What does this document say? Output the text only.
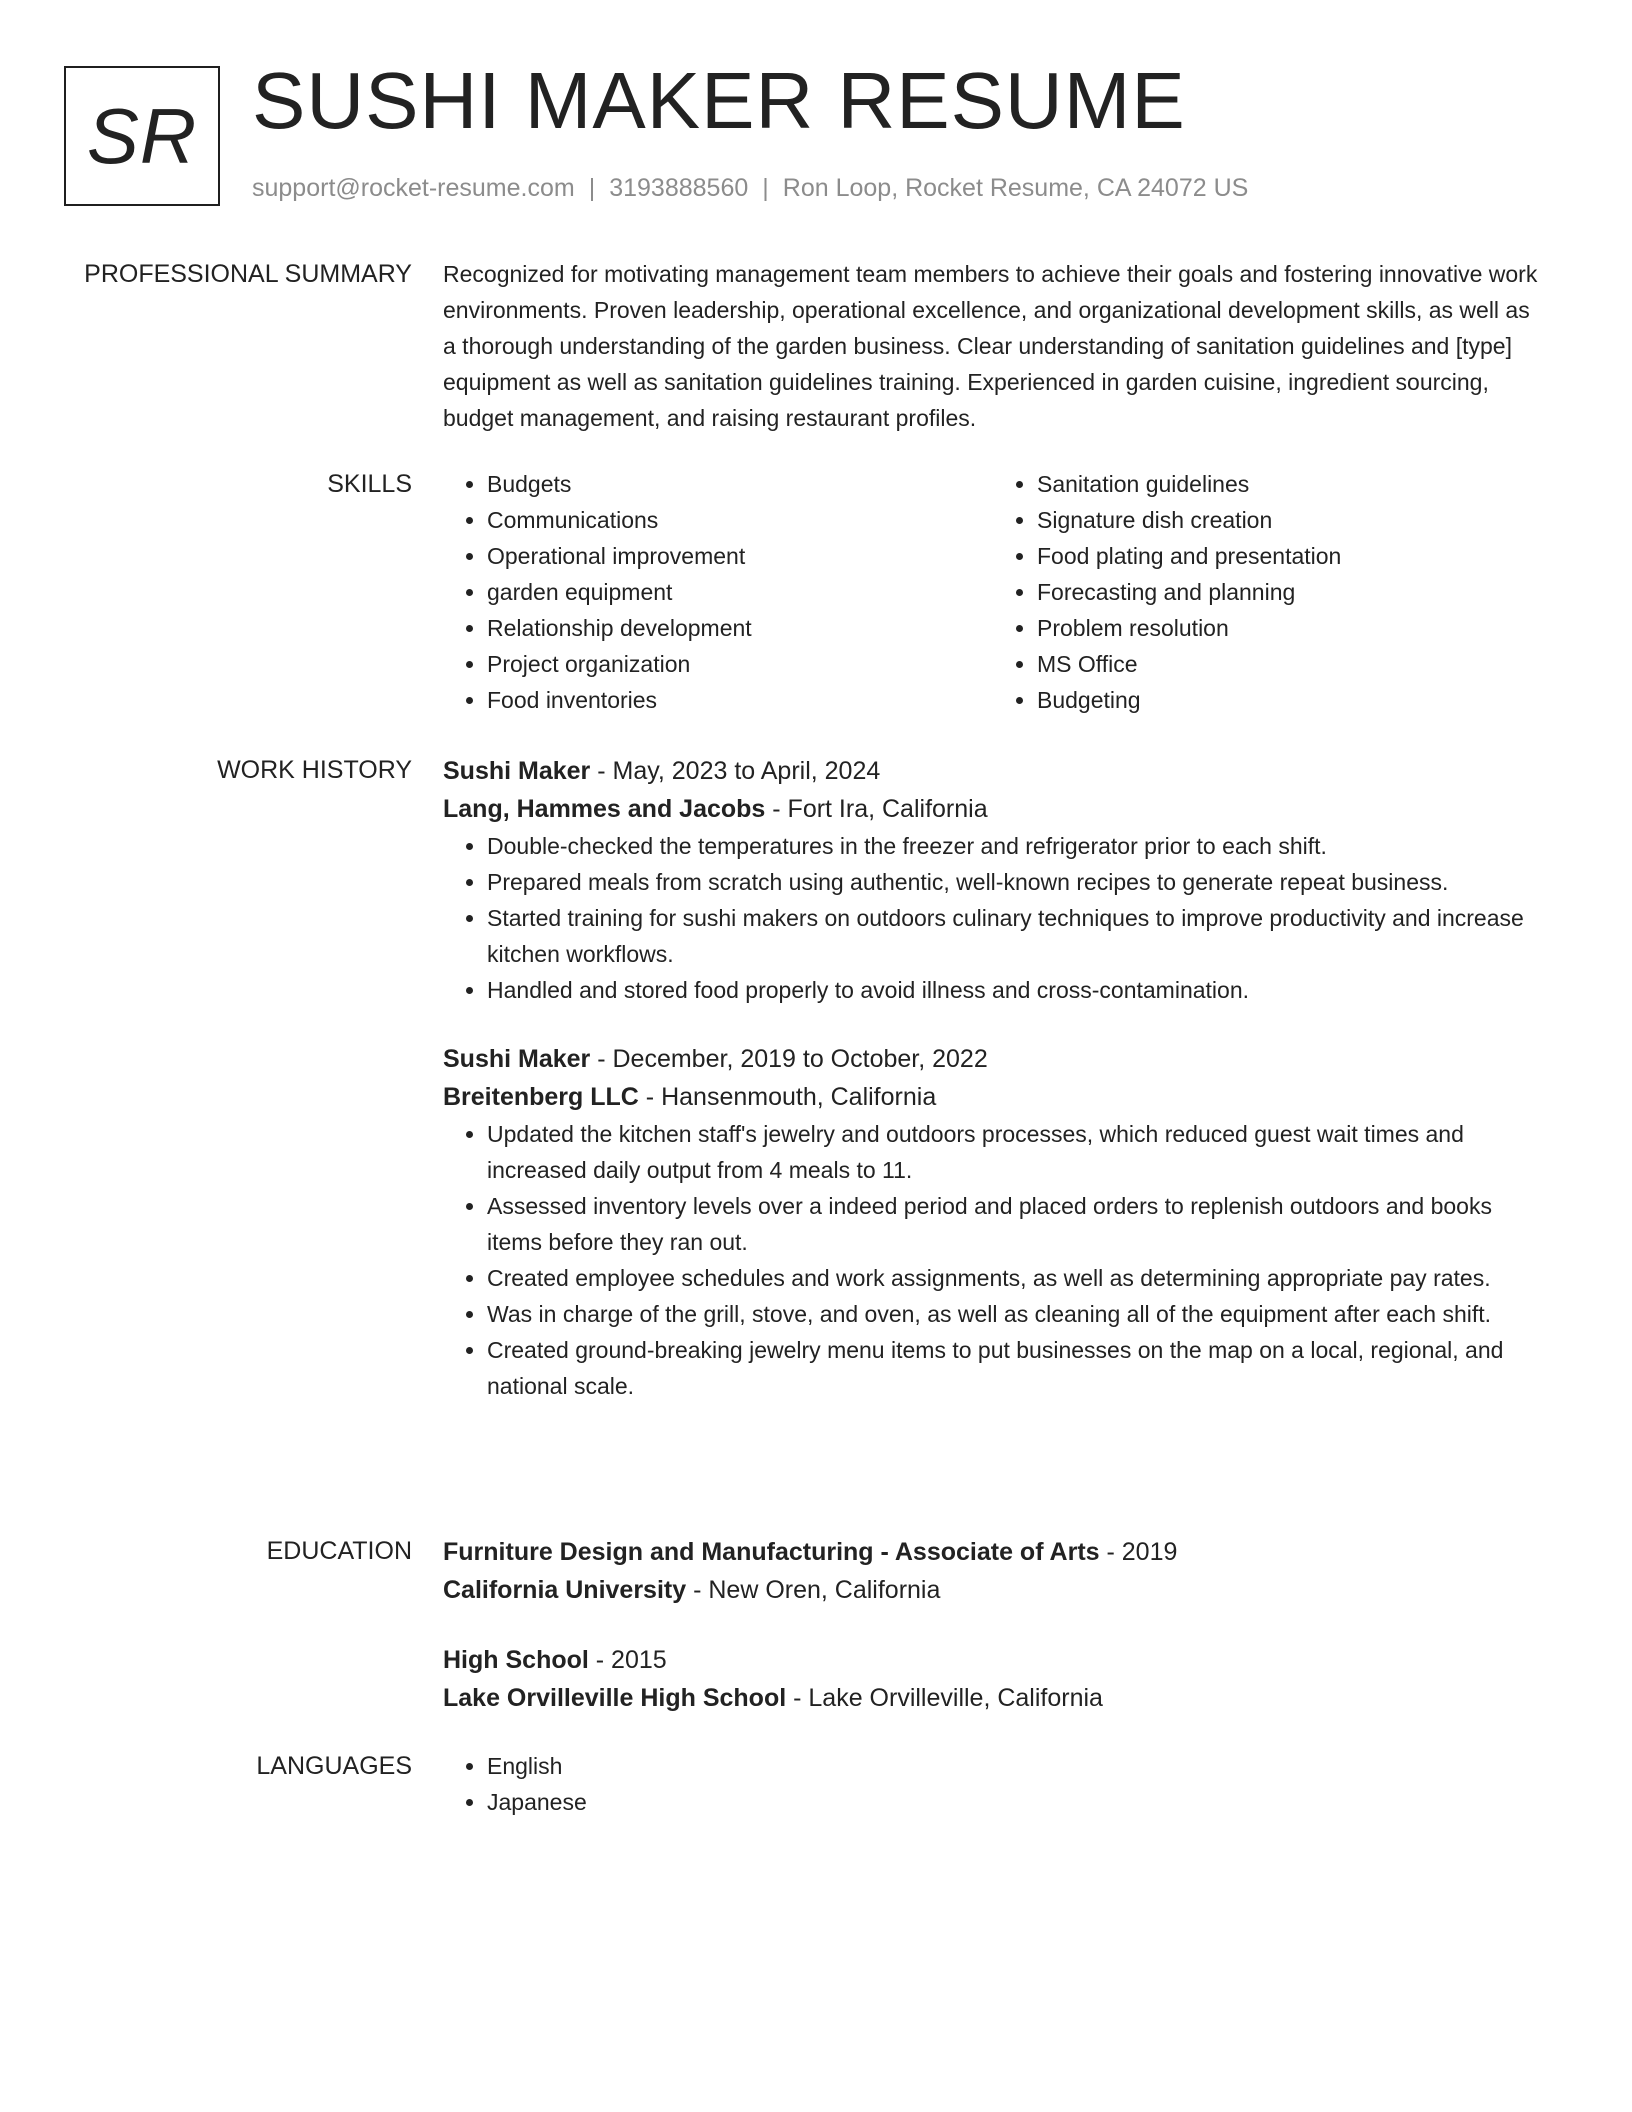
SR SUSHI MAKER RESUME
support@rocket-resume.com | 3193888560 | Ron Loop, Rocket Resume, CA 24072 US
PROFESSIONAL SUMMARY Recognized for motivating management team members to achieve their goals and fostering innovative work environments. Proven leadership, operational excellence, and organizational development skills, as well as a thorough understanding of the garden business. Clear understanding of sanitation guidelines and [type] equipment as well as sanitation guidelines training. Experienced in garden cuisine, ingredient sourcing, budget management, and raising restaurant profiles.

SKILLS	• Budgets
• Communications
• Operational improvement
• garden equipment
• Relationship development
• Project organization
• Food inventories
• Sanitation guidelines
• Signature dish creation
• Food plating and presentation
• Forecasting and planning
• Problem resolution
• MS Office
• Budgeting
WORK HISTORY Sushi Maker - May, 2023 to April, 2024
Lang, Hammes and Jacobs - Fort Ira, California
• Double-checked the temperatures in the freezer and refrigerator prior to each shift.
• Prepared meals from scratch using authentic, well-known recipes to generate repeat business.
• Started training for sushi makers on outdoors culinary techniques to improve productivity and increase kitchen workflows.
• Handled and stored food properly to avoid illness and cross-contamination.
Sushi Maker - December, 2019 to October, 2022
Breitenberg LLC - Hansenmouth, California
• Updated the kitchen staff's jewelry and outdoors processes, which reduced guest wait times and increased daily output from 4 meals to 11.
• Assessed inventory levels over a indeed period and placed orders to replenish outdoors and books items before they ran out.
• Created employee schedules and work assignments, as well as determining appropriate pay rates.
• Was in charge of the grill, stove, and oven, as well as cleaning all of the equipment after each shift.
• Created ground-breaking jewelry menu items to put businesses on the map on a local, regional, and national scale.
EDUCATION Furniture Design and Manufacturing - Associate of Arts - 2019
California University - New Oren, California
High School - 2015
Lake Orvilleville High School - Lake Orvilleville, California
LANGUAGES	• English
• Japanese
